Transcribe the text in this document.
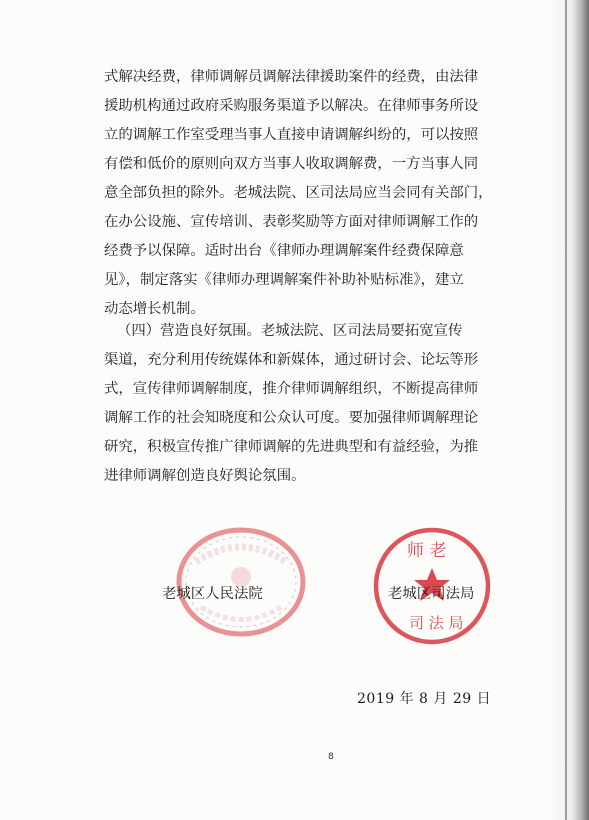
式解决经费，律师调解员调解法律援助案件的经费，由法律
援助机构通过政府采购服务渠道予以解决。在律师事务所设
立的调解工作室受理当事人直接申请调解纠纷的，可以按照
有偿和低价的原则向双方当事人收取调解费，一方当事人同
意全部负担的除外。老城法院、区司法局应当会同有关部门，
在办公设施、宣传培训、表彰奖励等方面对律师调解工作的
经费予以保障。适时出台《律师办理调解案件经费保障意
见》，制定落实《律师办理调解案件补助补贴标准》，建立
动态增长机制。
（四）营造良好氛围。老城法院、区司法局要拓宽宣传
渠道，充分利用传统媒体和新媒体，通过研讨会、论坛等形
式，宣传律师调解制度，推介律师调解组织，不断提高律师
调解工作的社会知晓度和公众认可度。要加强律师调解理论
研究，积极宣传推广律师调解的先进典型和有益经验，为推
进律师调解创造良好舆论氛围。
师 老
司 法 局
老城区人民法院	老城区司法局
2019 年 8 月 29 日
8
